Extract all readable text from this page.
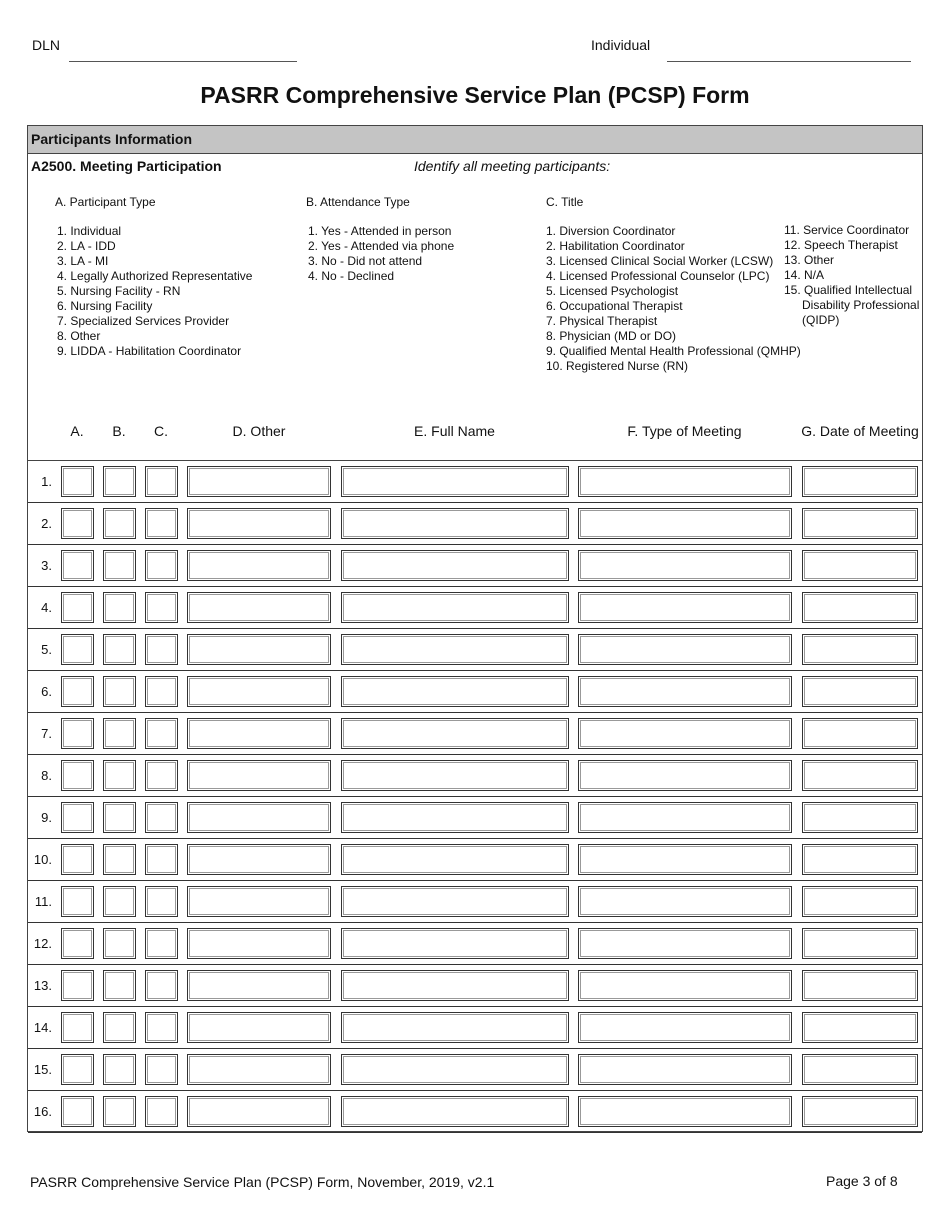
DLN	Individual
PASRR Comprehensive Service Plan (PCSP) Form
Participants Information
A2500. Meeting Participation	Identify all meeting participants:
A. Participant Type
1. Individual
2. LA - IDD
3. LA - MI
4. Legally Authorized Representative
5. Nursing Facility - RN
6. Nursing Facility
7. Specialized Services Provider
8. Other
9. LIDDA - Habilitation Coordinator
B. Attendance Type
1. Yes - Attended in person
2. Yes - Attended via phone
3. No - Did not attend
4. No - Declined
C. Title
1. Diversion Coordinator
2. Habilitation Coordinator
3. Licensed Clinical Social Worker (LCSW)
4. Licensed Professional Counselor (LPC)
5. Licensed Psychologist
6. Occupational Therapist
7. Physical Therapist
8. Physician (MD or DO)
9. Qualified Mental Health Professional (QMHP)
10. Registered Nurse (RN)
11. Service Coordinator
12. Speech Therapist
13. Other
14. N/A
15. Qualified Intellectual
Disability Professional
(QIDP)
A.	B.	C.	D. Other	E. Full Name	F. Type of Meeting	G. Date of Meeting
1.
2.
3.
4.
5.
6.
7.
8.
9.
10.
11.
12.
13.
14.
15.
16.
PASRR Comprehensive Service Plan (PCSP) Form, November, 2019, v2.1	Page 3 of 8
